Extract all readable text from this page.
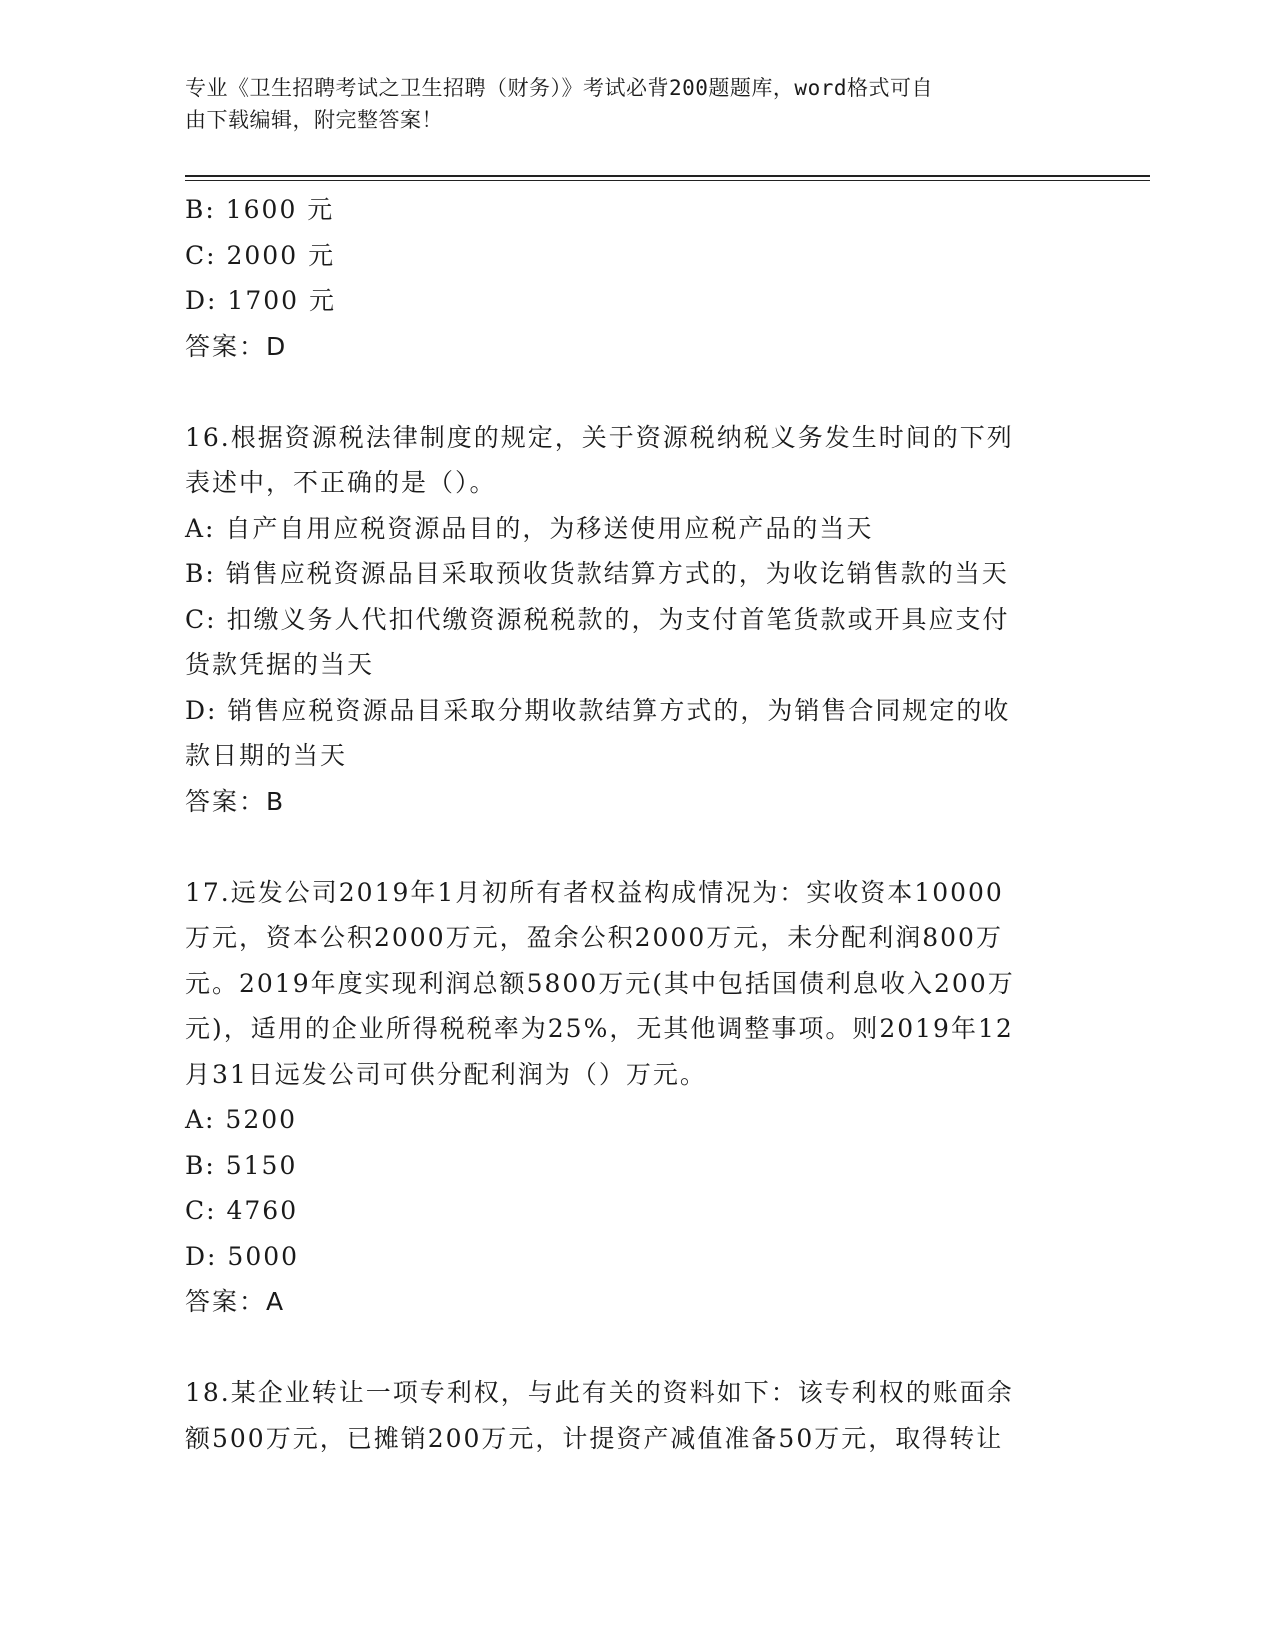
专业《卫生招聘考试之卫生招聘（财务）》考试必背200题题库，word格式可自
由下载编辑，附完整答案！
B: 1600 元
C: 2000 元
D: 1700 元
答案：D
16.根据资源税法律制度的规定，关于资源税纳税义务发生时间的下列
表述中，不正确的是（）。
A: 自产自用应税资源品目的，为移送使用应税产品的当天
B: 销售应税资源品目采取预收货款结算方式的，为收讫销售款的当天
C: 扣缴义务人代扣代缴资源税税款的，为支付首笔货款或开具应支付
货款凭据的当天
D: 销售应税资源品目采取分期收款结算方式的，为销售合同规定的收
款日期的当天
答案：B
17.远发公司2019年1月初所有者权益构成情况为：实收资本10000
万元，资本公积2000万元，盈余公积2000万元，未分配利润800万
元。2019年度实现利润总额5800万元(其中包括国债利息收入200万
元)，适用的企业所得税税率为25%，无其他调整事项。则2019年12
月31日远发公司可供分配利润为（）万元。
A: 5200
B: 5150
C: 4760
D: 5000
答案：A
18.某企业转让一项专利权，与此有关的资料如下：该专利权的账面余
额500万元，已摊销200万元，计提资产减值准备50万元，取得转让
